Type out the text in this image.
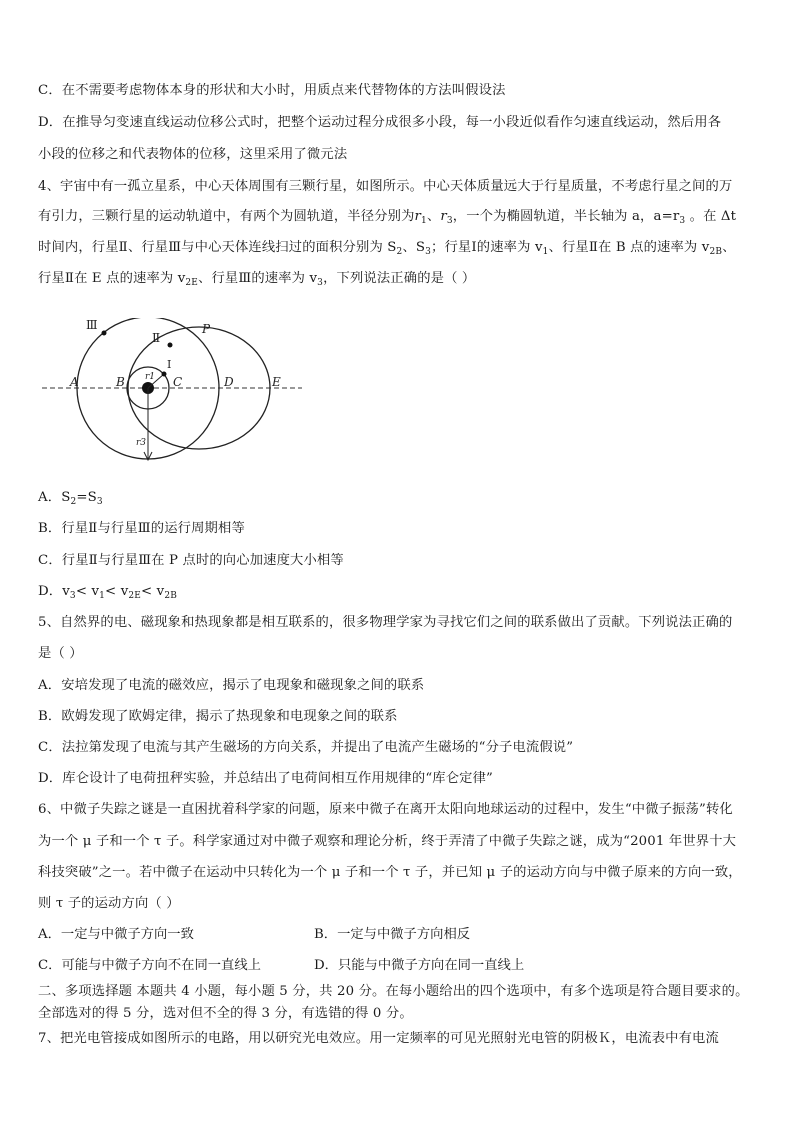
C．在不需要考虑物体本身的形状和大小时，用质点来代替物体的方法叫假设法
D．在推导匀变速直线运动位移公式时，把整个运动过程分成很多小段，每一小段近似看作匀速直线运动，然后用各
小段的位移之和代表物体的位移，这里采用了微元法
4、宇宙中有一孤立星系，中心天体周围有三颗行星，如图所示。中心天体质量远大于行星质量，不考虑行星之间的万
有引力，三颗行星的运动轨道中，有两个为圆轨道，半径分别为$r_1$、$r_3$，一个为椭圆轨道，半长轴为 a，$a=r_3$ 。在 Δt
时间内，行星Ⅱ、行星Ⅲ与中心天体连线扫过的面积分别为 $S_2$、$S_3$；行星Ⅰ的速率为 $v_1$、行星Ⅱ在 B 点的速率为 $v_{2B}$、
行星Ⅱ在 E 点的速率为 $v_{2E}$、行星Ⅲ的速率为 $v_3$，下列说法正确的是（ ）
Ⅲ
Ⅱ
I
P
A	B	C	D	E
r1
r3
A．$S_2=S_3$
B．行星Ⅱ与行星Ⅲ的运行周期相等
C．行星Ⅱ与行星Ⅲ在 P 点时的向心加速度大小相等
D．$v_3< v_1< v_{2E}< v_{2B}$
5、自然界的电、磁现象和热现象都是相互联系的，很多物理学家为寻找它们之间的联系做出了贡献。下列说法正确的
是（ ）
A．安培发现了电流的磁效应，揭示了电现象和磁现象之间的联系
B．欧姆发现了欧姆定律，揭示了热现象和电现象之间的联系
C．法拉第发现了电流与其产生磁场的方向关系，并提出了电流产生磁场的“分子电流假说”
D．库仑设计了电荷扭秤实验，并总结出了电荷间相互作用规律的“库仑定律”
6、中微子失踪之谜是一直困扰着科学家的问题，原来中微子在离开太阳向地球运动的过程中，发生“中微子振荡”转化
为一个 μ 子和一个 τ 子。科学家通过对中微子观察和理论分析，终于弄清了中微子失踪之谜，成为“2001 年世界十大
科技突破”之一。若中微子在运动中只转化为一个 μ 子和一个 τ 子，并已知 μ 子的运动方向与中微子原来的方向一致，
则 τ 子的运动方向（ ）
A．一定与中微子方向一致	B．一定与中微子方向相反
C．可能与中微子方向不在同一直线上	D．只能与中微子方向在同一直线上
二、多项选择题 本题共 4 小题，每小题 5 分，共 20 分。在每小题给出的四个选项中，有多个选项是符合题目要求的。
全部选对的得 5 分，选对但不全的得 3 分，有选错的得 0 分。
7、把光电管接成如图所示的电路，用以研究光电效应。用一定频率的可见光照射光电管的阴极Ｋ，电流表中有电流
